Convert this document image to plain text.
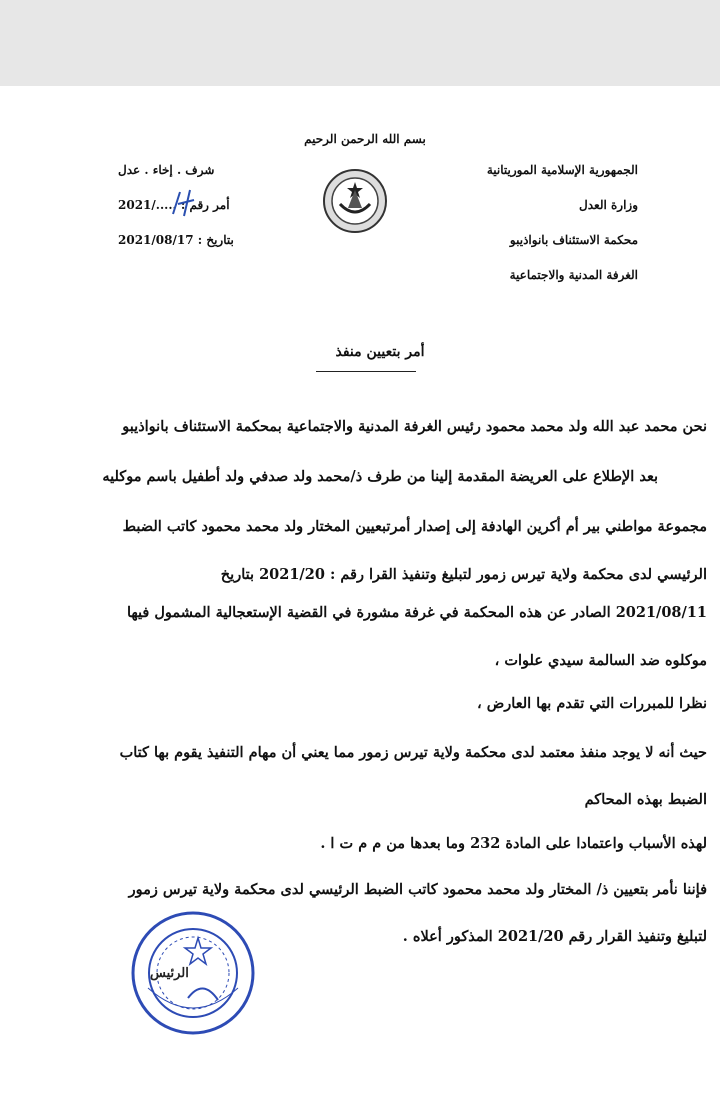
بسم الله الرحمن الرحيم
الجمهورية الإسلامية الموريتانية
وزارة العدل
محكمة الاستئناف بانواذيبو
الغرفة المدنية والاجتماعية
شرف . إخاء . عدل
أمر رقم : ...../2021
بتاريخ : 2021/08/17
أمر بتعيين منفذ
نحن محمد عبد الله ولد محمد محمود رئيس الغرفة المدنية والاجتماعية بمحكمة الاستئناف بانواذيبو
بعد الإطلاع على العريضة المقدمة إلينا من طرف ذ/محمد ولد صدفي ولد أطفيل باسم موكليه
مجموعة مواطني بير أم أكرين الهادفة إلى إصدار أمرتبعيين المختار ولد محمد محمود كاتب الضبط
الرئيسي لدى محكمة ولاية تيرس زمور لتبليغ وتنفيذ القرا رقم : 2021/20 بتاريخ
2021/08/11 الصادر عن هذه المحكمة في غرفة مشورة في القضية الإستعجالية المشمول فيها
موكلوه ضد السالمة سيدي علوات ،
نظرا للمبررات التي تقدم بها العارض ،
حيث أنه لا يوجد منفذ معتمد لدى محكمة ولاية تيرس زمور مما يعني أن مهام التنفيذ يقوم بها كتاب
الضبط بهذه المحاكم
لهذه الأسباب واعتمادا على المادة 232 وما بعدها من م م ت ا .
فإننا نأمر بتعيين ذ/ المختار ولد محمد محمود كاتب الضبط الرئيسي لدى محكمة ولاية تيرس زمور
لتبليغ وتنفيذ القرار رقم 2021/20 المذكور أعلاه .
الرئيس
